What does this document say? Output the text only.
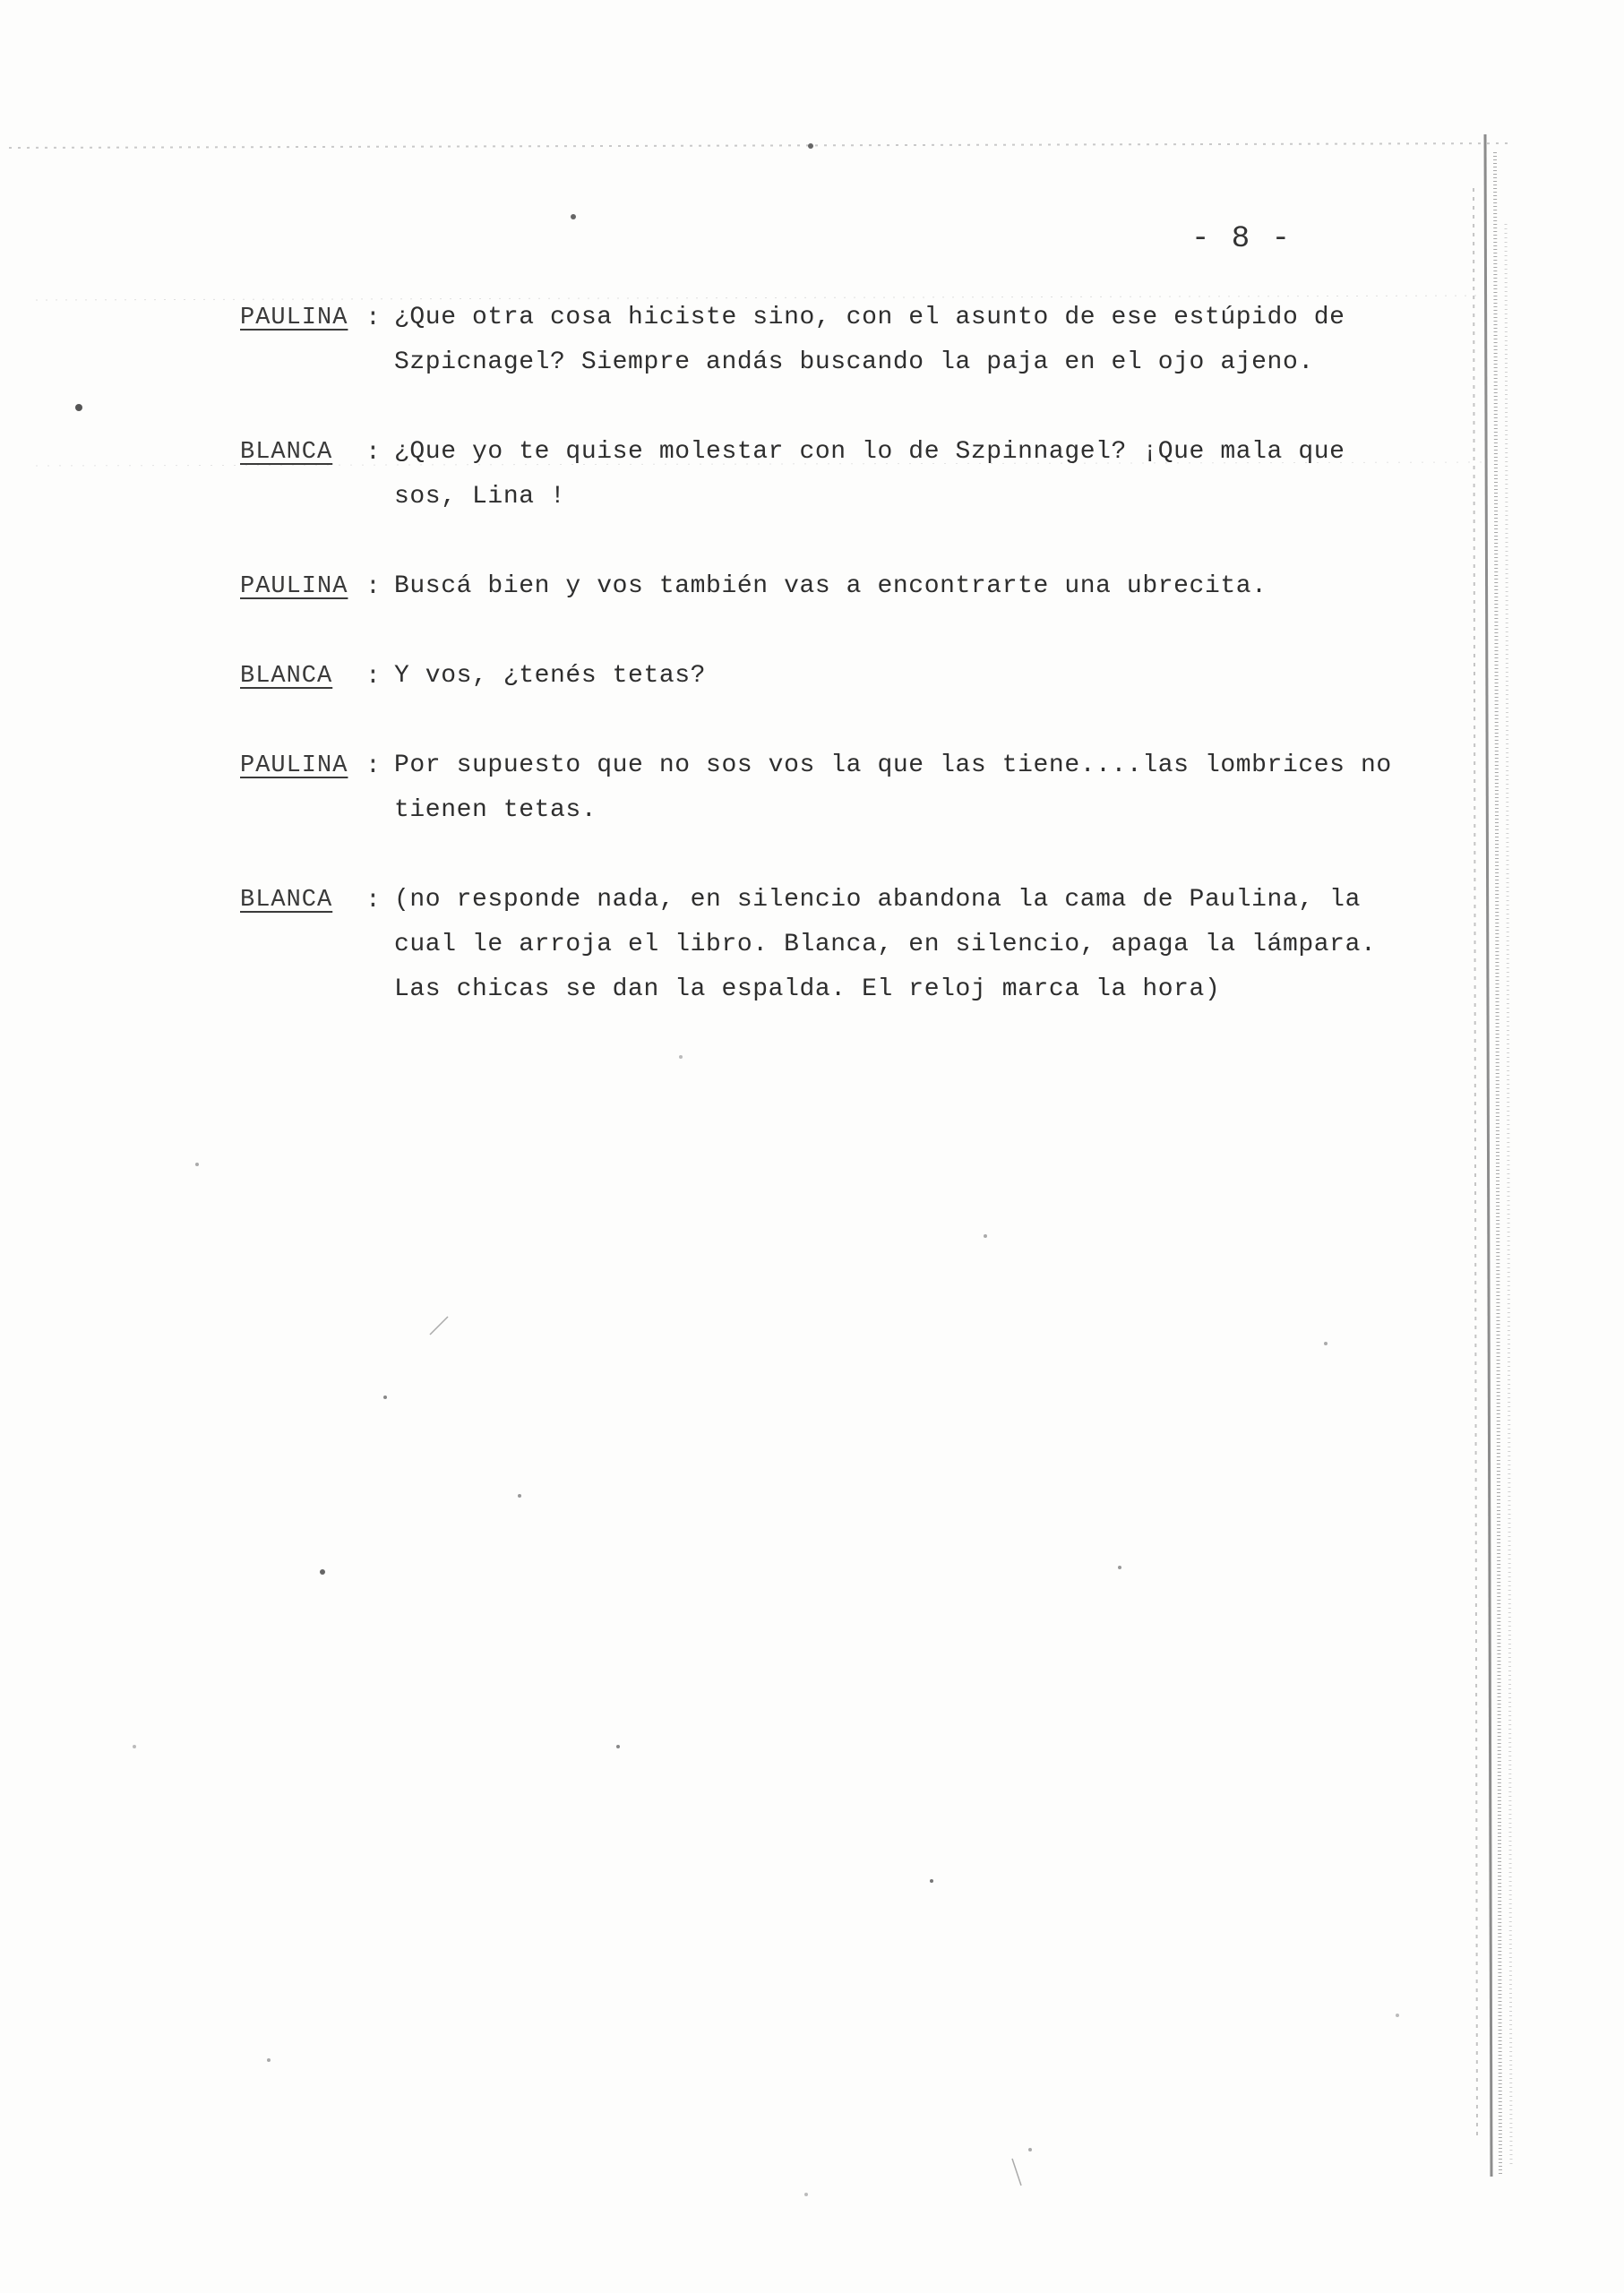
- 8 -
PAULINA : ¿Que otra cosa hiciste sino, con el asunto de ese estúpido de Szpicnagel? Siempre andás buscando la paja en el ojo ajeno.
BLANCA : ¿Que yo te quise molestar con lo de Szpinnagel? ¡Que mala que sos, Lina !
PAULINA : Buscá bien y vos también vas a encontrarte una ubrecita.
BLANCA : Y vos, ¿tenés tetas?
PAULINA : Por supuesto que no sos vos la que las tiene....las lombrices no tienen tetas.
BLANCA : (no responde nada, en silencio abandona la cama de Paulina, la cual le arroja el libro. Blanca, en silencio, apaga la lámpara. Las chicas se dan la espalda. El reloj marca la hora)
